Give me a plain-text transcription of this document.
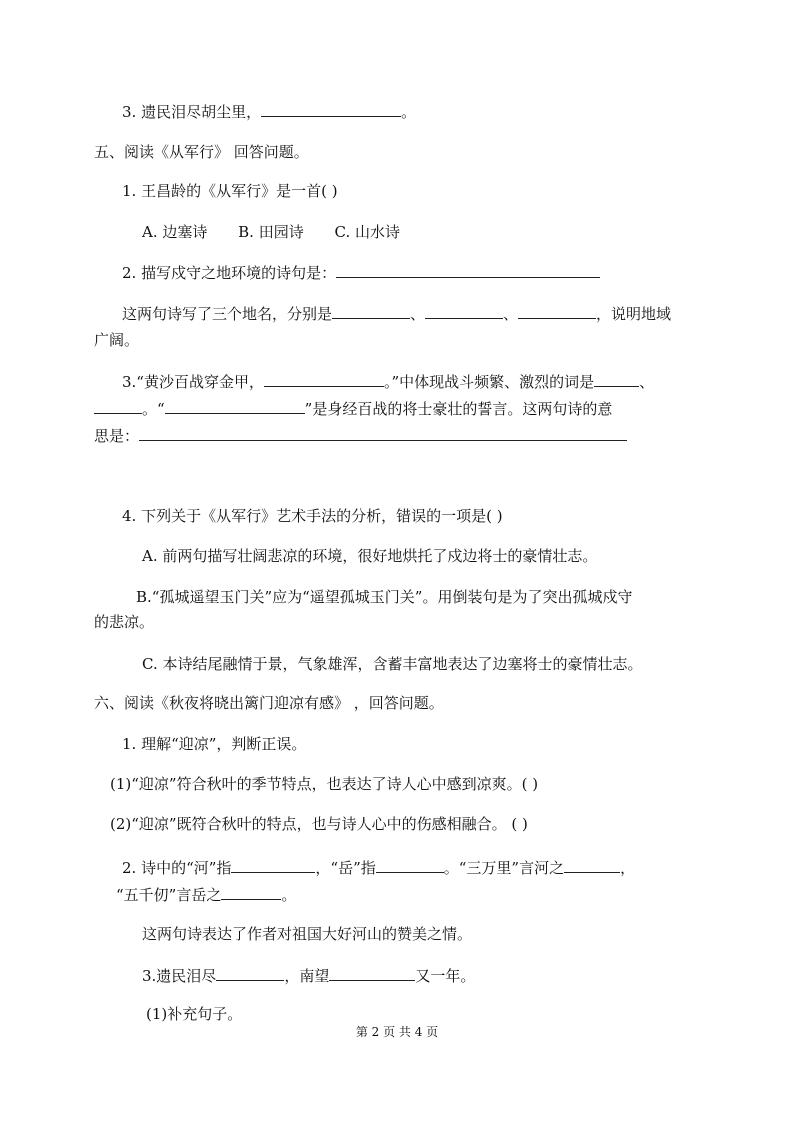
3. 遗民泪尽胡尘里，	。
五、阅读《从军行》 回答问题。
1. 王昌龄的《从军行》是一首( )
A. 边塞诗 B. 田园诗 C. 山水诗
2. 描写戍守之地环境的诗句是：
这两句诗写了三个地名，分别是	、	、	，说明地域
广阔。
3.“黄沙百战穿金甲，	。”中体现战斗频繁、激烈的词是	、
。“	”是身经百战的将士豪壮的誓言。这两句诗的意
思是：
4. 下列关于《从军行》艺术手法的分析，错误的一项是( )
A. 前两句描写壮阔悲凉的环境，很好地烘托了戍边将士的豪情壮志。
B.“孤城遥望玉门关”应为“遥望孤城玉门关”。用倒装句是为了突出孤城戍守
的悲凉。
C. 本诗结尾融情于景，气象雄浑，含蓄丰富地表达了边塞将士的豪情壮志。
六、阅读《秋夜将晓出篱门迎凉有感》 ，回答问题。
1. 理解“迎凉”，判断正误。
(1)“迎凉”符合秋叶的季节特点，也表达了诗人心中感到凉爽。( )
(2)“迎凉”既符合秋叶的特点，也与诗人心中的伤感相融合。 ( )
2. 诗中的“河”指	，“岳”指	。“三万里”言河之	，
“五千仞”言岳之	。
这两句诗表达了作者对祖国大好河山的赞美之情。
3.遗民泪尽	，南望	又一年。
(1)补充句子。
第 2 页 共 4 页
